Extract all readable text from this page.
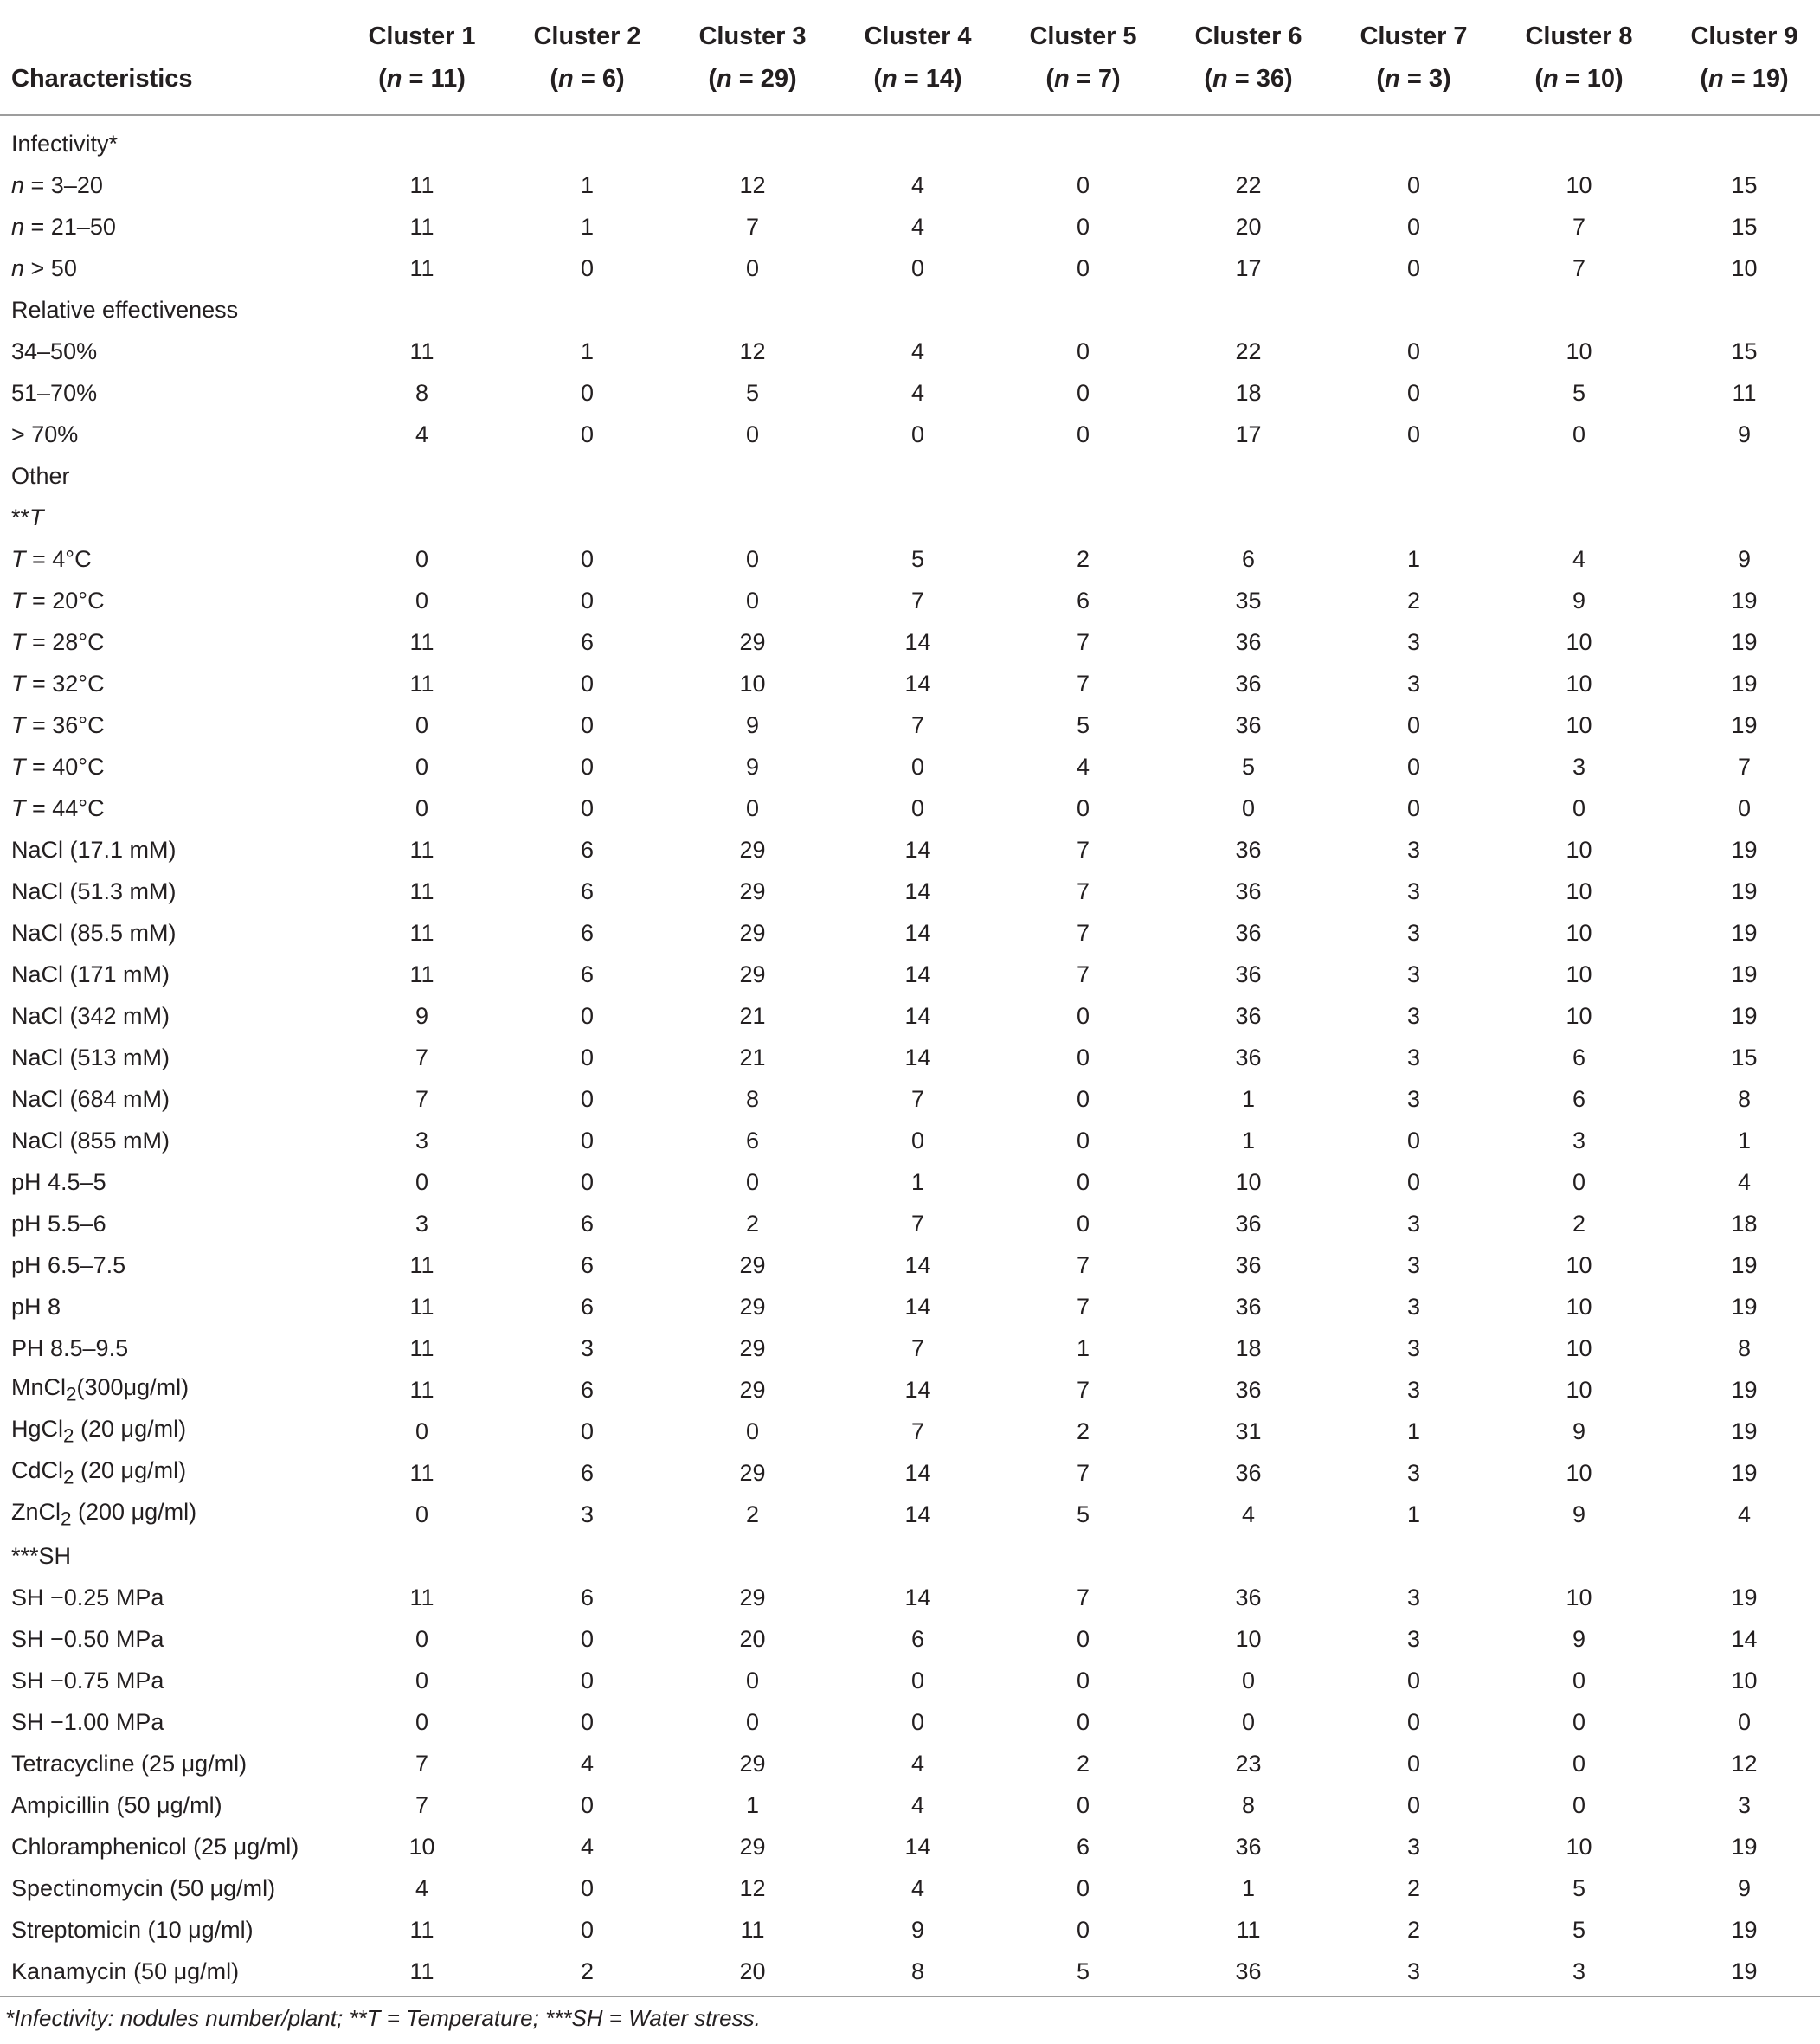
	Cluster 1	Cluster 2	Cluster 3	Cluster 4	Cluster 5	Cluster 6	Cluster 7	Cluster 8	Cluster 9
Characteristics	(n = 11)	(n = 6)	(n = 29)	(n = 14)	(n = 7)	(n = 36)	(n = 3)	(n = 10)	(n = 19)
Infectivity*									
n = 3–20	11	1	12	4	0	22	0	10	15
n = 21–50	11	1	7	4	0	20	0	7	15
n > 50	11	0	0	0	0	17	0	7	10
Relative effectiveness									
34–50%	11	1	12	4	0	22	0	10	15
51–70%	8	0	5	4	0	18	0	5	11
> 70%	4	0	0	0	0	17	0	0	9
Other									
**T									
T = 4°C	0	0	0	5	2	6	1	4	9
T = 20°C	0	0	0	7	6	35	2	9	19
T = 28°C	11	6	29	14	7	36	3	10	19
T = 32°C	11	0	10	14	7	36	3	10	19
T = 36°C	0	0	9	7	5	36	0	10	19
T = 40°C	0	0	9	0	4	5	0	3	7
T = 44°C	0	0	0	0	0	0	0	0	0
NaCl (17.1 mM)	11	6	29	14	7	36	3	10	19
NaCl (51.3 mM)	11	6	29	14	7	36	3	10	19
NaCl (85.5 mM)	11	6	29	14	7	36	3	10	19
NaCl (171 mM)	11	6	29	14	7	36	3	10	19
NaCl (342 mM)	9	0	21	14	0	36	3	10	19
NaCl (513 mM)	7	0	21	14	0	36	3	6	15
NaCl (684 mM)	7	0	8	7	0	1	3	6	8
NaCl (855 mM)	3	0	6	0	0	1	0	3	1
pH 4.5–5	0	0	0	1	0	10	0	0	4
pH 5.5–6	3	6	2	7	0	36	3	2	18
pH 6.5–7.5	11	6	29	14	7	36	3	10	19
pH 8	11	6	29	14	7	36	3	10	19
PH 8.5–9.5	11	3	29	7	1	18	3	10	8
MnCl$_2$(300μg/ml)	11	6	29	14	7	36	3	10	19
HgCl$_2$ (20 μg/ml)	0	0	0	7	2	31	1	9	19
CdCl$_2$ (20 μg/ml)	11	6	29	14	7	36	3	10	19
ZnCl$_2$ (200 μg/ml)	0	3	2	14	5	4	1	9	4
***SH									
SH −0.25 MPa	11	6	29	14	7	36	3	10	19
SH −0.50 MPa	0	0	20	6	0	10	3	9	14
SH −0.75 MPa	0	0	0	0	0	0	0	0	10
SH −1.00 MPa	0	0	0	0	0	0	0	0	0
Tetracycline (25 μg/ml)	7	4	29	4	2	23	0	0	12
Ampicillin (50 μg/ml)	7	0	1	4	0	8	0	0	3
Chloramphenicol (25 μg/ml)	10	4	29	14	6	36	3	10	19
Spectinomycin (50 μg/ml)	4	0	12	4	0	1	2	5	9
Streptomicin (10 μg/ml)	11	0	11	9	0	11	2	5	19
Kanamycin (50 μg/ml)	11	2	20	8	5	36	3	3	19
*Infectivity: nodules number/plant; **T = Temperature; ***SH = Water stress.
